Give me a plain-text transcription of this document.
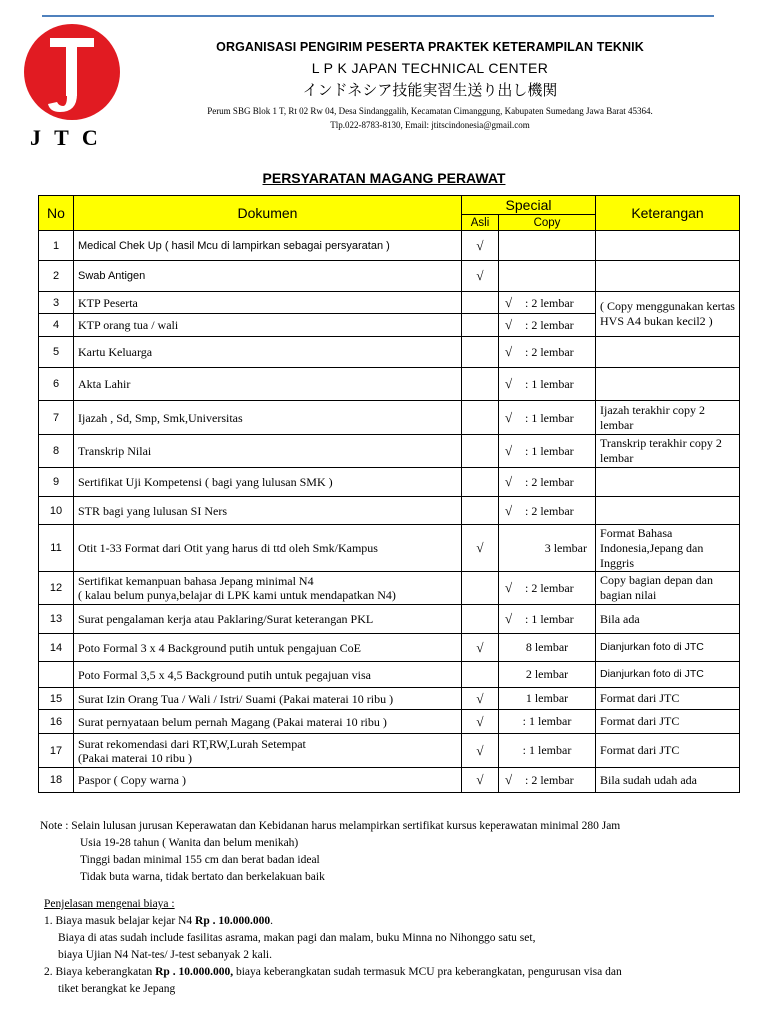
J T C
ORGANISASI PENGIRIM PESERTA PRAKTEK KETERAMPILAN TEKNIK
L P K JAPAN TECHNICAL CENTER
インドネシア技能実習生送り出し機関
Perum SBG Blok 1 T, Rt 02 Rw 04, Desa Sindanggalih, Kecamatan Cimanggung, Kabupaten Sumedang Jawa Barat 45364.
Tlp.022-8783-8130, Email: jtitscindonesia@gmail.com
PERSYARATAN MAGANG PERAWAT
No	Dokumen	Special		Keterangan
		Asli	Copy	
1	Medical Chek Up ( hasil Mcu di lampirkan sebagai persyaratan )	√		
2	Swab Antigen	√		
3	KTP Peserta		√ : 2 lembar	( Copy menggunakan kertas HVS A4 bukan kecil2 )
4	KTP orang tua / wali		√ : 2 lembar	
5	Kartu Keluarga		√ : 2 lembar	
6	Akta Lahir		√ : 1 lembar	
7	Ijazah , Sd, Smp, Smk,Universitas		√ : 1 lembar	Ijazah terakhir copy 2 lembar
8	Transkrip Nilai		√ : 1 lembar	Transkrip terakhir copy 2 lembar
9	Sertifikat Uji Kompetensi ( bagi yang lulusan SMK )		√ : 2 lembar	
10	STR bagi yang lulusan SI Ners		√ : 2 lembar	
11	Otit 1-33 Format dari Otit yang harus di ttd oleh Smk/Kampus	√	3 lembar	Format Bahasa Indonesia,Jepang dan Inggris
12	Sertifikat kemanpuan bahasa Jepang minimal N4
( kalau belum punya,belajar di LPK kami untuk mendapatkan N4)		√ : 2 lembar	Copy bagian depan dan bagian nilai
13	Surat pengalaman kerja atau Paklaring/Surat keterangan PKL		√ : 1 lembar	Bila ada
14	Poto Formal 3 x 4 Background putih untuk pengajuan CoE	√	8 lembar	Dianjurkan foto di JTC
	Poto Formal 3,5 x 4,5 Background putih untuk pegajuan visa		2 lembar	Dianjurkan foto di JTC
15	Surat Izin Orang Tua / Wali / Istri/ Suami (Pakai materai 10 ribu )	√	1 lembar	Format dari JTC
16	Surat pernyataan belum pernah Magang (Pakai materai 10 ribu )	√	: 1 lembar	Format dari JTC
17	Surat rekomendasi dari RT,RW,Lurah Setempat
(Pakai materai 10 ribu )	√	: 1 lembar	Format dari JTC
18	Paspor ( Copy warna )	√	√ : 2 lembar	Bila sudah udah ada
Note : Selain lulusan jurusan Keperawatan dan Kebidanan harus melampirkan sertifikat kursus keperawatan minimal 280 Jam
Usia 19-28 tahun ( Wanita dan belum menikah)
Tinggi badan minimal 155 cm dan berat badan ideal
Tidak buta warna, tidak bertato dan berkelakuan baik
Penjelasan mengenai biaya :
1. Biaya masuk belajar kejar N4 Rp . 10.000.000.
Biaya di atas sudah include fasilitas asrama, makan pagi dan malam, buku Minna no Nihonggo satu set,
biaya Ujian N4 Nat-tes/ J-test sebanyak 2 kali.
2. Biaya keberangkatan Rp . 10.000.000, biaya keberangkatan sudah termasuk MCU pra keberangkatan, pengurusan visa dan
tiket berangkat ke Jepang
